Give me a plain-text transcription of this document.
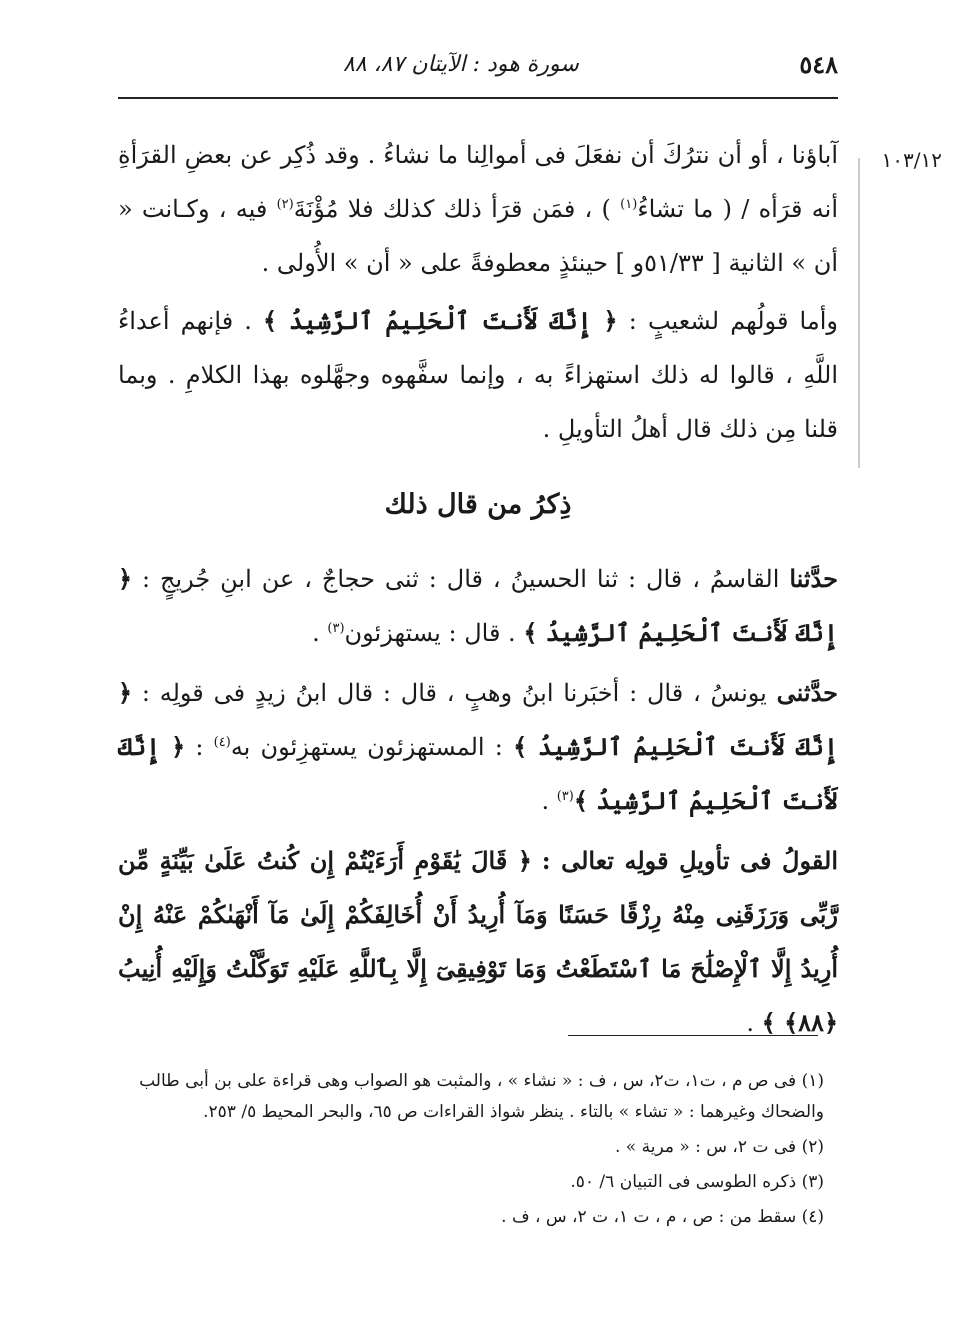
٥٤٨
سورة هود : الآيتان ٨٧، ٨٨
١٠٣/١٢

آباؤنا ، أو أن نترُكَ أن نفعَلَ فى أموالِنا ما نشاءُ . وقد ذُكِر عن بعضِ القرَأةِ أنه قرَأه / ( ما تشاءُ$^{(١)}$ ) ، فمَن قرَأ ذلك كذلك فلا مُؤْنَةَ$^{(٢)}$ فيه ، وكـانت « أن » الثانية [ ٥١/٣٣و ] حينئذٍ معطوفةً على « أن » الأُولى .

وأما قولُهم لشعيبٍ : ﴿ إِنَّكَ لَأَنتَ ٱلْحَلِيمُ ٱلرَّشِيدُ ﴾ . فإنهم أعداءُ اللَّهِ ، قالوا له ذلك استهزاءً به ، وإنما سفَّهوه وجهَّلوه بهذا الكلامِ . وبما قلنا مِن ذلك قال أهلُ التأويلِ .

ذِكرُ من قال ذلك

حدَّثنا القاسمُ ، قال : ثنا الحسينُ ، قال : ثنى حجاجٌ ، عن ابنِ جُريجٍ : ﴿ إِنَّكَ لَأَنتَ ٱلْحَلِيمُ ٱلرَّشِيدُ ﴾ . قال : يستهزئون$^{(٣)}$ .

حدَّثنى يونسُ ، قال : أخبَرنا ابنُ وهبٍ ، قال : قال ابنُ زيدٍ فى قولِه : ﴿ إِنَّكَ لَأَنتَ ٱلْحَلِيمُ ٱلرَّشِيدُ ﴾ : المستهزئون يستهزِئون به$^{(٤)}$ : ﴿ إِنَّكَ لَأَنتَ ٱلْحَلِيمُ ٱلرَّشِيدُ ﴾$^{(٣)}$ .

القولُ فى تأويلِ قولِه تعالى : ﴿ قَالَ يَٰقَوْمِ أَرَءَيْتُمْ إِن كُنتُ عَلَىٰ بَيِّنَةٍ مِّن رَّبِّى وَرَزَقَنِى مِنْهُ رِزْقًا حَسَنًا وَمَآ أُرِيدُ أَنْ أُخَالِفَكُمْ إِلَىٰ مَآ أَنْهَىٰكُمْ عَنْهُ إِنْ أُرِيدُ إِلَّا ٱلْإِصْلَٰحَ مَا ٱسْتَطَعْتُ وَمَا تَوْفِيقِىٓ إِلَّا بِٱللَّهِ عَلَيْهِ تَوَكَّلْتُ وَإِلَيْهِ أُنِيبُ ﴿٨٨﴾ ﴾ .

(١) فى ص م ، ت١، ت٢، س ، ف : « نشاء » ، والمثبت هو الصواب وهى قراءة على بن أبى طالب والضحاك وغيرهما : « تشاء » بالتاء . ينظر شواذ القراءات ص ٦٥، والبحر المحيط ٥/ ٢٥٣.

(٢) فى ت ٢، س : « مرية » .

(٣) ذكره الطوسى فى التبيان ٦/ ٥٠.

(٤) سقط من : ص ، م ، ت ١، ت ٢، س ، ف .
